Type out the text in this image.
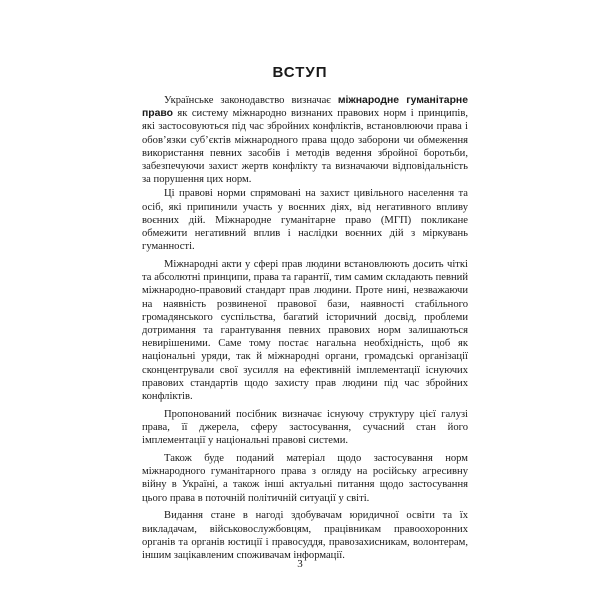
ВСТУП

Українське законодавство визначає міжнародне гуманітарне право як систему міжнародно визнаних правових норм і принципів, які застосовуються під час збройних конфліктів, встановлюючи права і обов’язки суб’єктів міжнародного права щодо заборони чи обмеження використання певних засобів і методів ведення збройної боротьби, забезпечуючи захист жертв конфлікту та визначаючи відповідальність за порушення цих норм.

Ці правові норми спрямовані на захист цивільного населення та осіб, які припинили участь у воєнних діях, від негативного впливу воєнних дій. Міжнародне гуманітарне право (МГП) покликане обмежити негативний вплив і наслідки воєнних дій з міркувань гуманності.

Міжнародні акти у сфері прав людини встановлюють досить чіткі та абсолютні принципи, права та гарантії, тим самим складають певний міжнародно-правовий стандарт прав людини. Проте нині, незважаючи на наявність розвиненої правової бази, наявності стабільного громадянського суспільства, багатий історичний досвід, проблеми дотримання та гарантування певних правових норм залишаються невирішеними. Саме тому постає нагальна необхідність, щоб як національні уряди, так й міжнародні органи, громадські організації сконцентрували свої зусилля на ефективній імплементації існуючих правових стандартів щодо захисту прав людини під час збройних конфліктів.

Пропонований посібник визначає існуючу структуру цієї галузі права, її джерела, сферу застосування, сучасний стан його імплементації у національні правові системи.

Також буде поданий матеріал щодо застосування норм міжнародного гуманітарного права з огляду на російську агресивну війну в Україні, а також інші актуальні питання щодо застосування цього права в поточній політичній ситуації у світі.

Видання стане в нагоді здобувачам юридичної освіти та їх викладачам, військовослужбовцям, працівникам правоохоронних органів та органів юстиції і правосуддя, правозахисникам, волонтерам, іншим зацікавленим споживачам інформації.

3
